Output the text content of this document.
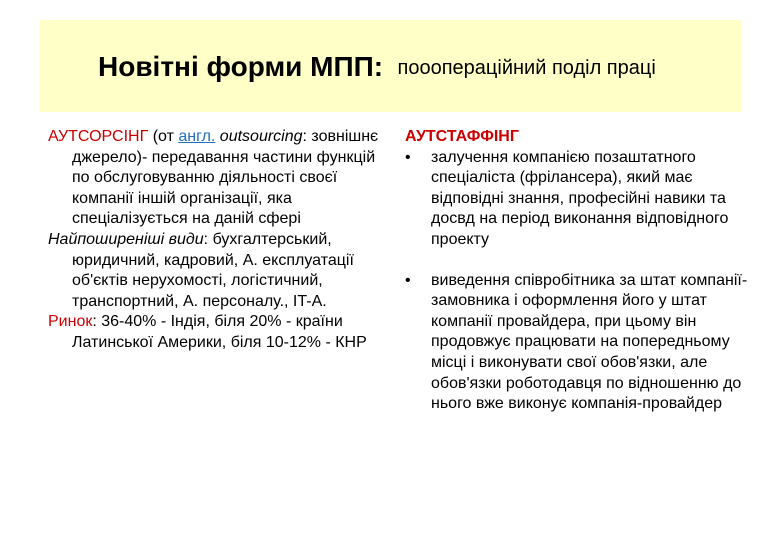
Новітні форми МПП: пооопераційний поділ праці

АУТСОРСІНГ (от англ. outsourcing: зовнішнє джерело)- передавання частини функцій по обслуговуванню діяльності своєї компанії іншій організації, яка спеціалізується на даній сфері

Найпоширеніші види: бухгалтерський, юридичний, кадровий, А. експлуатації об'єктів нерухомості, логістичний, транспортний, А. персоналу., IT-А.

Ринок: 36-40% - Індія, біля 20% - країни Латинської Америки, біля 10-12% - КНР

АУТСТАФФІНГ

• залучення компанією позаштатного спеціаліста (фрілансера), який має відповідні знання, професійні навики та досвд на період виконання відповідного проекту

• виведення співробітника за штат компанії-замовника і оформлення його у штат компанії провайдера, при цьому він продовжує працювати на попередньому місці і виконувати свої обов'язки, але обов'язки роботодавця по відношенню до нього вже виконує компанія-провайдер
